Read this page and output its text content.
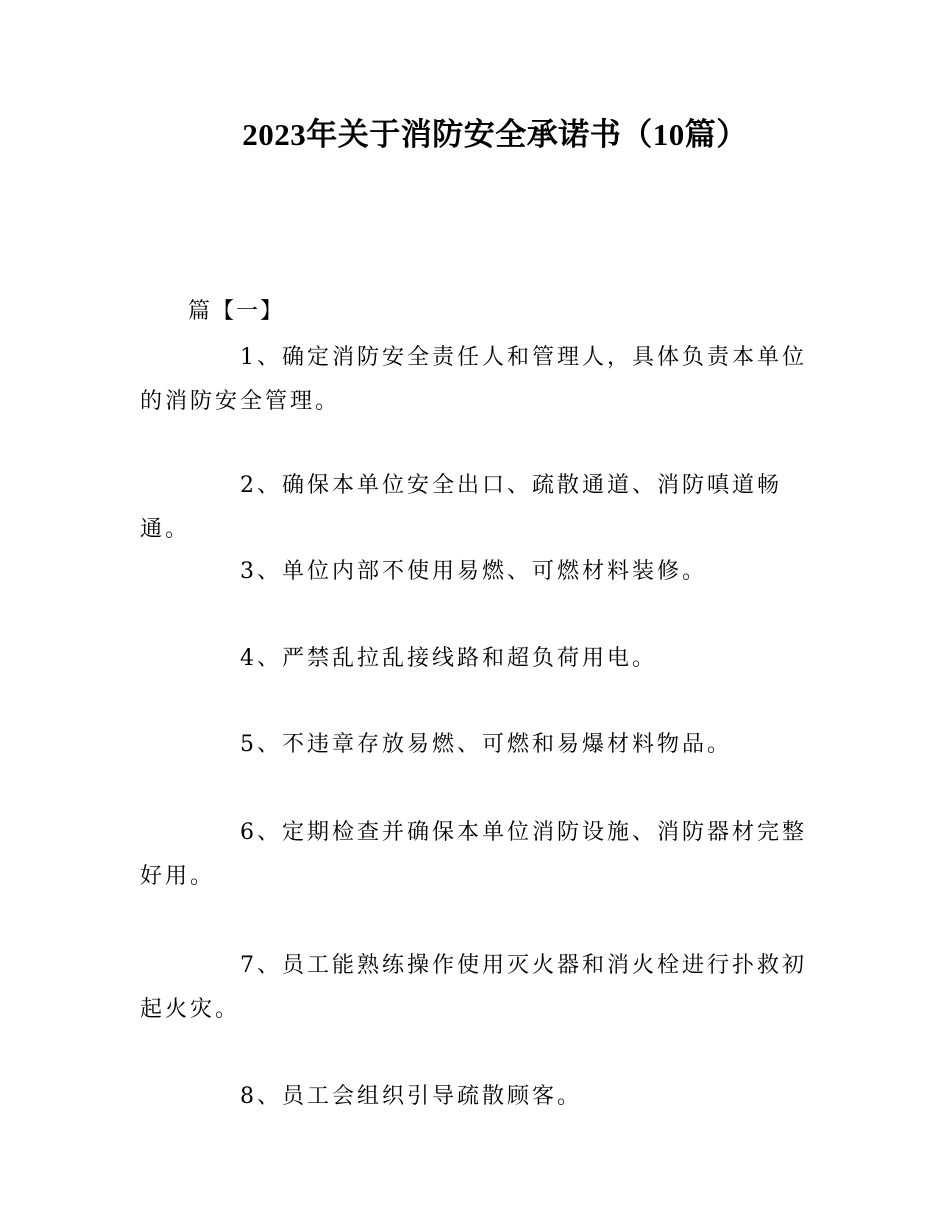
2023年关于消防安全承诺书（10篇）
篇【一】
1、确定消防安全责任人和管理人，具体负责本单位的消防安全管理。
2、确保本单位安全出口、疏散通道、消防嗔道畅通。
3、单位内部不使用易燃、可燃材料装修。
4、严禁乱拉乱接线路和超负荷用电。
5、不违章存放易燃、可燃和易爆材料物品。
6、定期检查并确保本单位消防设施、消防器材完整好用。
7、员工能熟练操作使用灭火器和消火栓进行扑救初起火灾。
8、员工会组织引导疏散顾客。
